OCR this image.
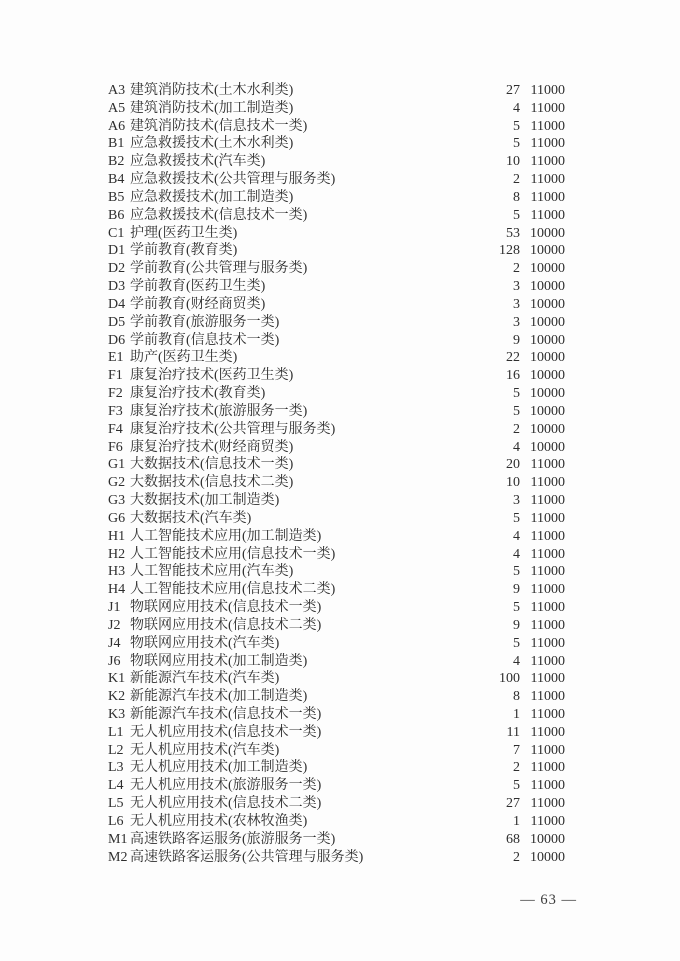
A3 建筑消防技术(土木水利类)	27 11000
A5 建筑消防技术(加工制造类)	4 11000
A6 建筑消防技术(信息技术一类)	5 11000
B1 应急救援技术(土木水利类)	5 11000
B2 应急救援技术(汽车类)	10 11000
B4 应急救援技术(公共管理与服务类)	2 11000
B5 应急救援技术(加工制造类)	8 11000
B6 应急救援技术(信息技术一类)	5 11000
C1 护理(医药卫生类)	53 10000
D1 学前教育(教育类)	128 10000
D2 学前教育(公共管理与服务类)	2 10000
D3 学前教育(医药卫生类)	3 10000
D4 学前教育(财经商贸类)	3 10000
D5 学前教育(旅游服务一类)	3 10000
D6 学前教育(信息技术一类)	9 10000
E1 助产(医药卫生类)	22 10000
F1 康复治疗技术(医药卫生类)	16 10000
F2 康复治疗技术(教育类)	5 10000
F3 康复治疗技术(旅游服务一类)	5 10000
F4 康复治疗技术(公共管理与服务类)	2 10000
F6 康复治疗技术(财经商贸类)	4 10000
G1 大数据技术(信息技术一类)	20 11000
G2 大数据技术(信息技术二类)	10 11000
G3 大数据技术(加工制造类)	3 11000
G6 大数据技术(汽车类)	5 11000
H1 人工智能技术应用(加工制造类)	4 11000
H2 人工智能技术应用(信息技术一类)	4 11000
H3 人工智能技术应用(汽车类)	5 11000
H4 人工智能技术应用(信息技术二类)	9 11000
J1 物联网应用技术(信息技术一类)	5 11000
J2 物联网应用技术(信息技术二类)	9 11000
J4 物联网应用技术(汽车类)	5 11000
J6 物联网应用技术(加工制造类)	4 11000
K1 新能源汽车技术(汽车类)	100 11000
K2 新能源汽车技术(加工制造类)	8 11000
K3 新能源汽车技术(信息技术一类)	1 11000
L1 无人机应用技术(信息技术一类)	11 11000
L2 无人机应用技术(汽车类)	7 11000
L3 无人机应用技术(加工制造类)	2 11000
L4 无人机应用技术(旅游服务一类)	5 11000
L5 无人机应用技术(信息技术二类)	27 11000
L6 无人机应用技术(农林牧渔类)	1 11000
M1 高速铁路客运服务(旅游服务一类)	68 10000
M2 高速铁路客运服务(公共管理与服务类)	2 10000
— 63 —
